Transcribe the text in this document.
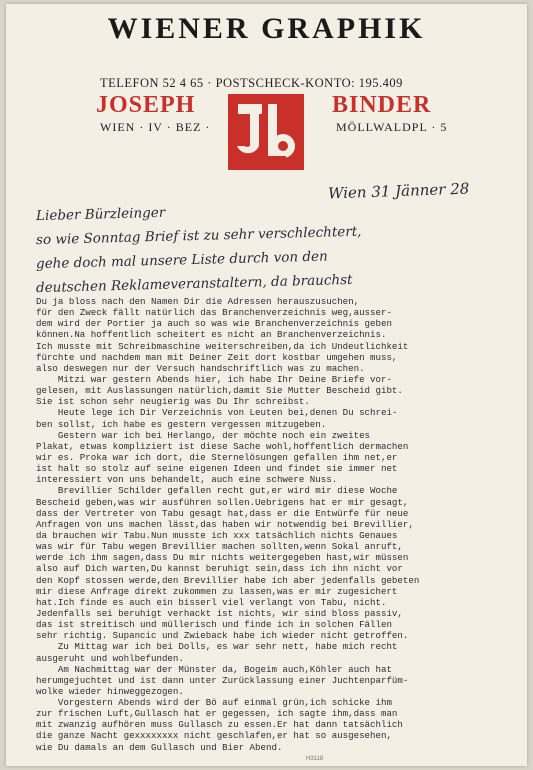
WIENER GRAPHIK
TELEFON 52 4 65 · POSTSCHECK-KONTO: 195.409
JOSEPH	BINDER
WIEN · IV · BEZ ·	MÖLLWALDPL · 5
Wien 31 Jänner 28
Lieber Bürzleinger
so wie Sonntag Brief ist zu sehr verschlechtert,
gehe doch mal unsere Liste durch von den
deutschen Reklameveranstaltern, da brauchst
Du ja bloss nach den Namen Dir die Adressen herauszusuchen,
für den Zweck fällt natürlich das Branchenverzeichnis weg,ausser-
dem wird der Portier ja auch so was wie Branchenverzeichnis geben
können.Na hoffentlich scheitert es nicht an Branchenverzeichnis.
Ich musste mit Schreibmaschine weiterschreiben,da ich Undeutlichkeit
fürchte und nachdem man mit Deiner Zeit dort kostbar umgehen muss,
also deswegen nur der Versuch handschriftlich was zu machen.
Mitzi war gestern Abends hier, ich habe Ihr Deine Briefe vor-
gelesen, mit Auslassungen natürlich,damit Sie Mutter Bescheid gibt.
Sie ist schon sehr neugierig was Du Ihr schreibst.
Heute lege ich Dir Verzeichnis von Leuten bei,denen Du schrei-
ben sollst, ich habe es gestern vergessen mitzugeben.
Gestern war ich bei Herlango, der möchte noch ein zweites
Plakat, etwas kompliziert ist diese Sache wohl,hoffentlich dermachen
wir es. Proka war ich dort, die Sternelösungen gefallen ihm net,er
ist halt so stolz auf seine eigenen Ideen und findet sie immer net
interessiert von uns behandelt, auch eine schwere Nuss.
Brevillier Schilder gefallen recht gut,er wird mir diese Woche
Bescheid geben,was wir ausführen sollen.Uebrigens hat er mir gesagt,
dass der Vertreter von Tabu gesagt hat,dass er die Entwürfe für neue
Anfragen von uns machen lässt,das haben wir notwendig bei Brevillier,
da brauchen wir Tabu.Nun musste ich xxx tatsächlich nichts Genaues
was wir für Tabu wegen Brevillier machen sollten,wenn Sokal anruft,
werde ich ihm sagen,dass Du mir nichts weitergegeben hast,wir müssen
also auf Dich warten,Du kannst beruhigt sein,dass ich ihn nicht vor
den Kopf stossen werde,den Brevillier habe ich aber jedenfalls gebeten
mir diese Anfrage direkt zukommen zu lassen,was er mir zugesichert
hat.Ich finde es auch ein bisserl viel verlangt von Tabu, nicht.
Jedenfalls sei beruhigt verhackt ist nichts, wir sind bloss passiv,
das ist streitisch und müllerisch und finde ich in solchen Fällen
sehr richtig. Supancic und Zwieback habe ich wieder nicht getroffen.
Zu Mittag war ich bei Dolls, es war sehr nett, habe mich recht
ausgeruht und wohlbefunden.
Am Nachmittag war der Münster da, Bogeim auch,Köhler auch hat
herumgejuchtet und ist dann unter Zurücklassung einer Juchtenparfüm-
wolke wieder hinweggezogen.
Vorgestern Abends wird der Bö auf einmal grün,ich schicke ihm
zur frischen Luft,Gullasch hat er gegessen, ich sagte ihm,dass man
mit zwanzig aufhören muss Gullasch zu essen.Er hat dann tatsächlich
die ganze Nacht gexxxxxxxx nicht geschlafen,er hat so ausgesehen,
wie Du damals an dem Gullasch und Bier Abend.
H3118
